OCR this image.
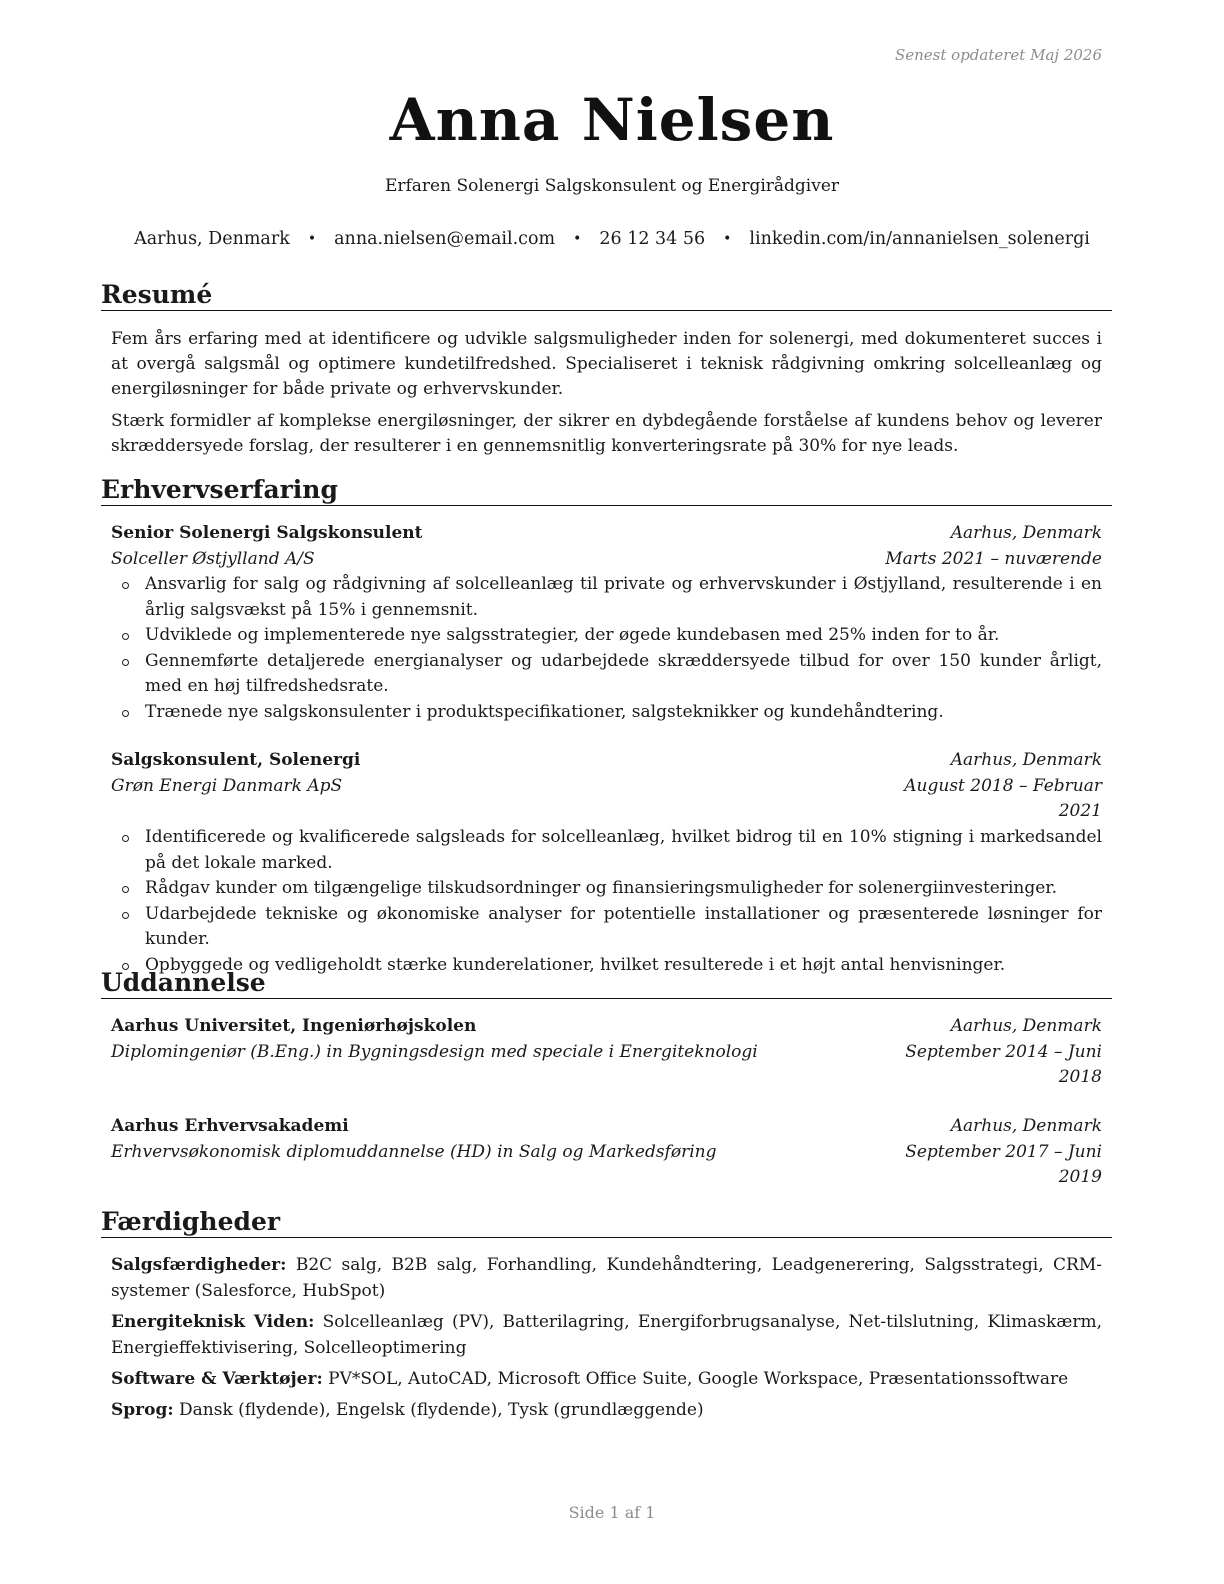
Senest opdateret Maj 2026
Anna Nielsen
Erfaren Solenergi Salgskonsulent og Energirådgiver
Aarhus, Denmark • anna.nielsen@email.com • 26 12 34 56 • linkedin.com/in/annanielsen_solenergi
Resumé

Fem års erfaring med at identificere og udvikle salgsmuligheder inden for solenergi, med dokumenteret succes i at overgå salgsmål og optimere kundetilfredshed. Specialiseret i teknisk rådgivning omkring solcelleanlæg og energiløsninger for både private og erhvervskunder.

Stærk formidler af komplekse energiløsninger, der sikrer en dybdegående forståelse af kundens behov og leverer skræddersyede forslag, der resulterer i en gennemsnitlig konverteringsrate på 30% for nye leads.

Erhvervserfaring
Senior Solenergi Salgskonsulent	Aarhus, Denmark
Solceller Østjylland A/S	Marts 2021 – nuværende
Ansvarlig for salg og rådgivning af solcelleanlæg til private og erhvervskunder i Østjylland, resulterende i en årlig salgsvækst på 15% i gennemsnit.
Udviklede og implementerede nye salgsstrategier, der øgede kundebasen med 25% inden for to år.
Gennemførte detaljerede energianalyser og udarbejdede skræddersyede tilbud for over 150 kunder årligt, med en høj tilfredshedsrate.
Trænede nye salgskonsulenter i produktspecifikationer, salgsteknikker og kundehåndtering.
Salgskonsulent, Solenergi	Aarhus, Denmark
Grøn Energi Danmark ApS	August 2018 – Februar 2021
Identificerede og kvalificerede salgsleads for solcelleanlæg, hvilket bidrog til en 10% stigning i markedsandel på det lokale marked.
Rådgav kunder om tilgængelige tilskudsordninger og finansieringsmuligheder for solenergiinvesteringer.
Udarbejdede tekniske og økonomiske analyser for potentielle installationer og præsenterede løsninger for kunder.
Opbyggede og vedligeholdt stærke kunderelationer, hvilket resulterede i et højt antal henvisninger.
Uddannelse
Aarhus Universitet, Ingeniørhøjskolen	Aarhus, Denmark
Diplomingeniør (B.Eng.) in Bygningsdesign med speciale i Energiteknologi	September 2014 – Juni 2018
Aarhus Erhvervsakademi	Aarhus, Denmark
Erhvervsøkonomisk diplomuddannelse (HD) in Salg og Markedsføring	September 2017 – Juni 2019
Færdigheder

Salgsfærdigheder: B2C salg, B2B salg, Forhandling, Kundehåndtering, Leadgenerering, Salgsstrategi, CRM-systemer (Salesforce, HubSpot)

Energiteknisk Viden: Solcelleanlæg (PV), Batterilagring, Energiforbrugsanalyse, Net-tilslutning, Klimaskærm, Energieffektivisering, Solcelleoptimering

Software & Værktøjer: PV*SOL, AutoCAD, Microsoft Office Suite, Google Workspace, Præsentationssoftware

Sprog: Dansk (flydende), Engelsk (flydende), Tysk (grundlæggende)

Side 1 af 1
